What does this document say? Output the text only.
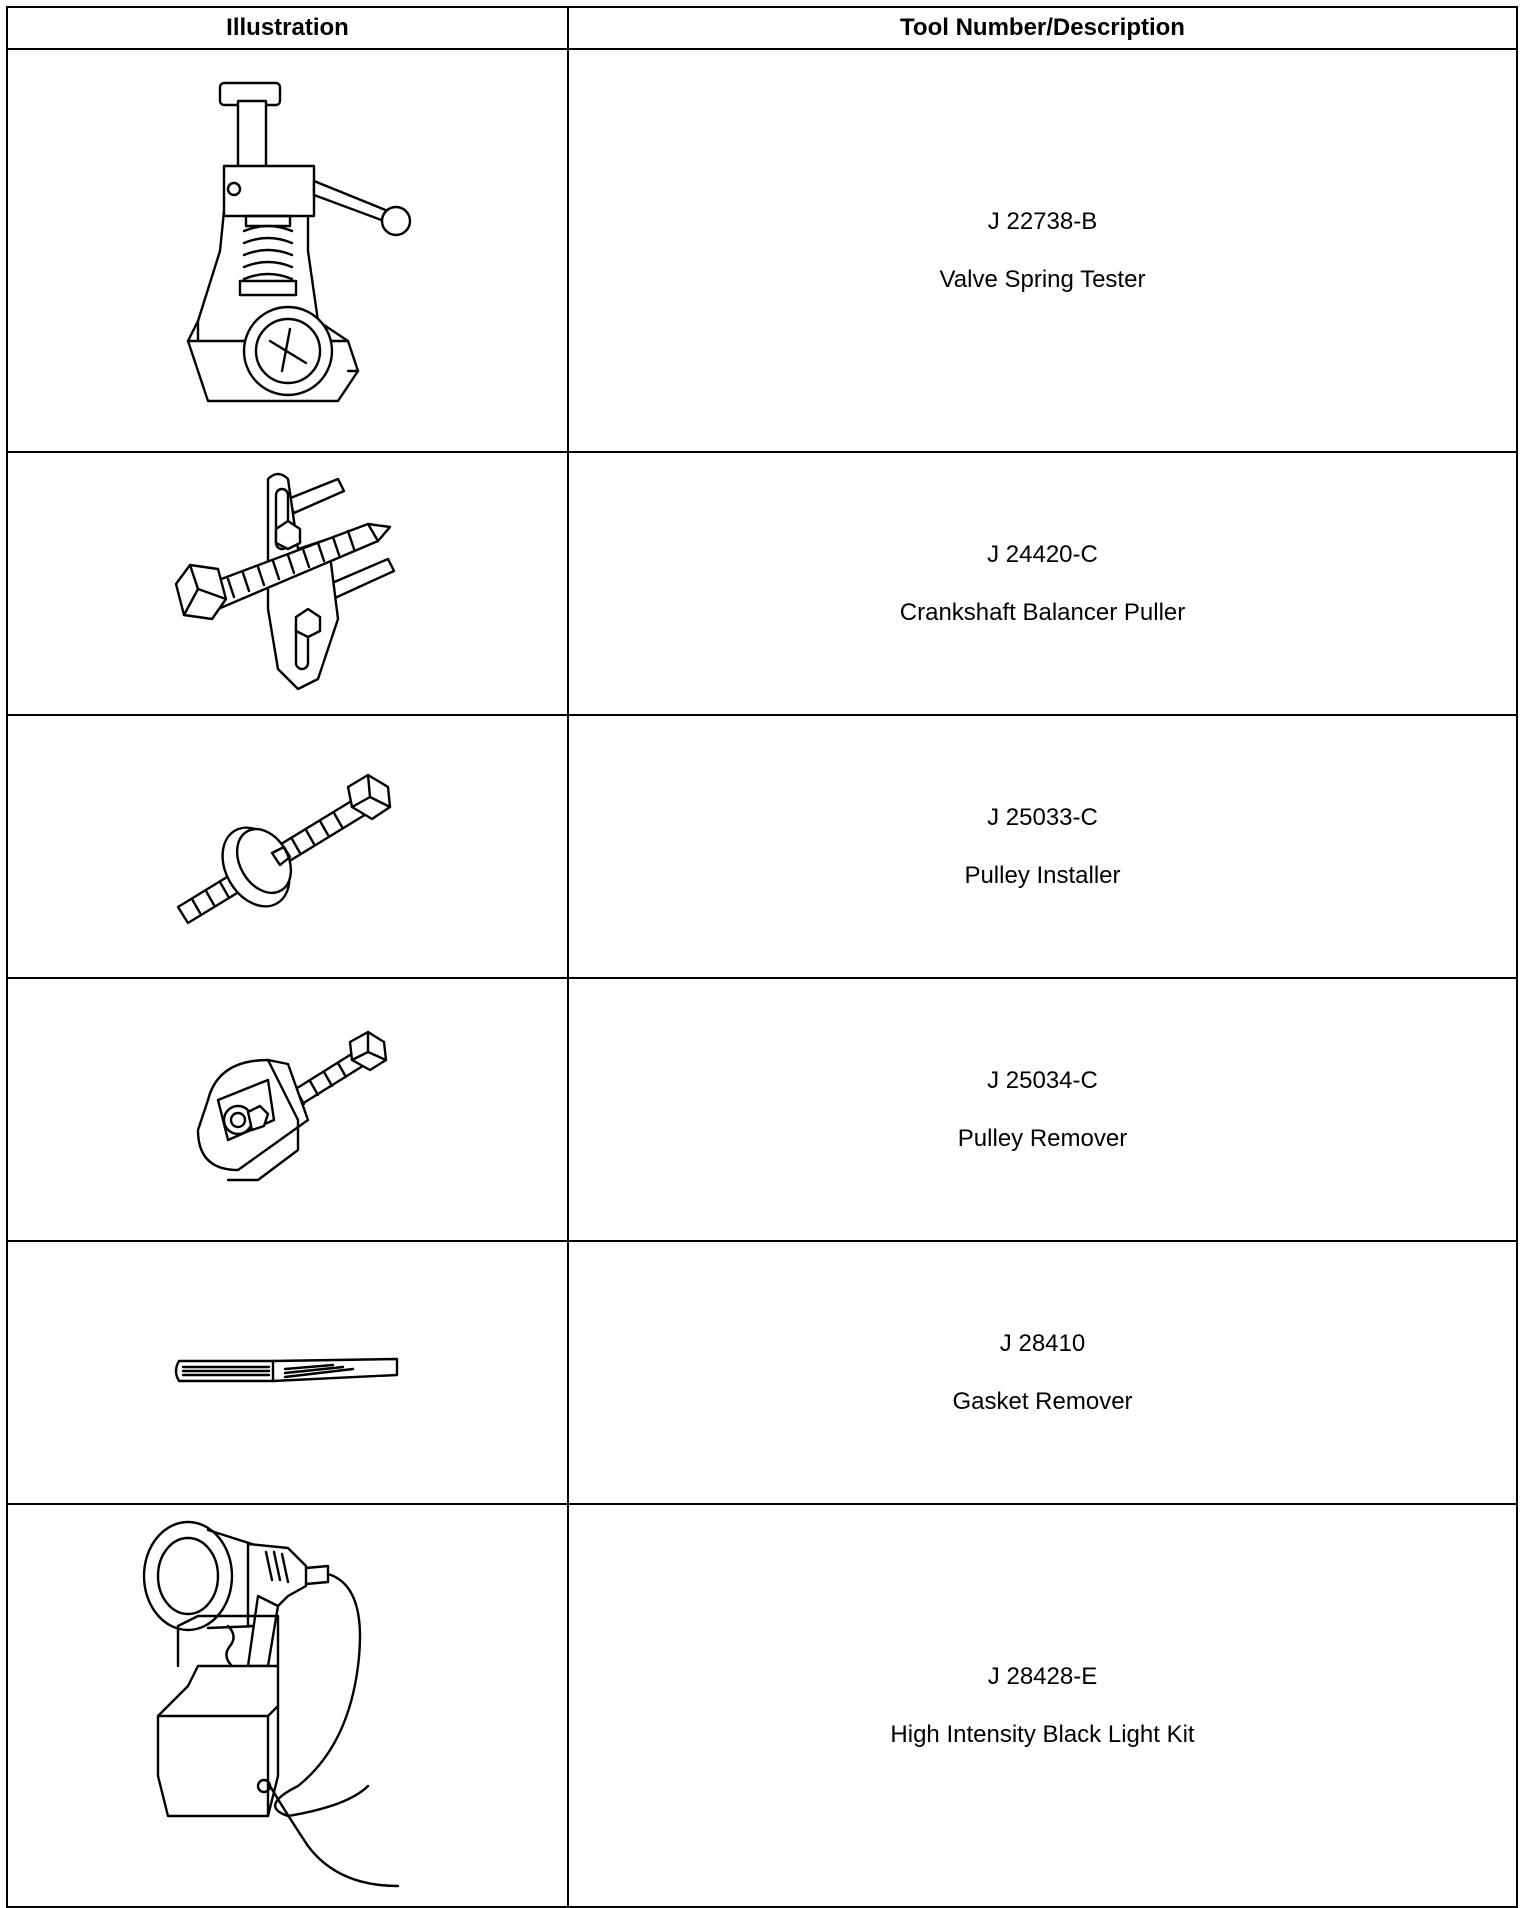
Illustration	Tool Number/Description

J 22738-B
Valve Spring Tester

J 24420-C
Crankshaft Balancer Puller

J 25033-C
Pulley Installer

J 25034-C
Pulley Remover

J 28410
Gasket Remover

J 28428-E
High Intensity Black Light Kit
